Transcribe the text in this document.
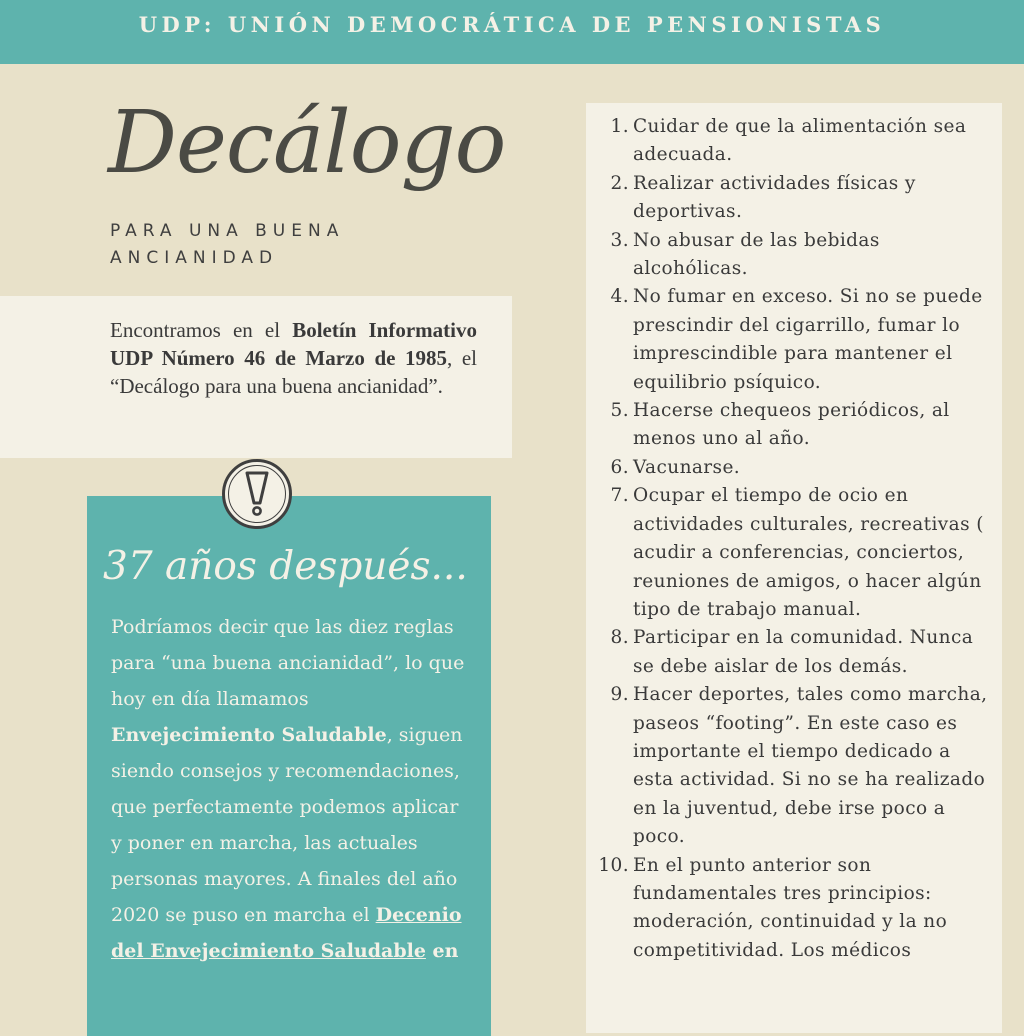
UDP: UNIÓN DEMOCRÁTICA DE PENSIONISTAS
Decálogo
PARA UNA BUENA ANCIANIDAD
Encontramos en el Boletín Informativo UDP Número 46 de Marzo de 1985, el “Decálogo para una buena ancianidad”.
37 años después...
Podríamos decir que las diez reglas para “una buena ancianidad”, lo que hoy en día llamamos Envejecimiento Saludable, siguen siendo consejos y recomendaciones, que perfectamente podemos aplicar y poner en marcha, las actuales personas mayores. A finales del año 2020 se puso en marcha el Decenio del Envejecimiento Saludable en
1. Cuidar de que la alimentación sea adecuada.
2. Realizar actividades físicas y deportivas.
3. No abusar de las bebidas alcohólicas.
4. No fumar en exceso. Si no se puede prescindir del cigarrillo, fumar lo imprescindible para mantener el equilibrio psíquico.
5. Hacerse chequeos periódicos, al menos uno al año.
6. Vacunarse.
7. Ocupar el tiempo de ocio en actividades culturales, recreativas ( acudir a conferencias, conciertos, reuniones de amigos, o hacer algún tipo de trabajo manual.
8. Participar en la comunidad. Nunca se debe aislar de los demás.
9. Hacer deportes, tales como marcha, paseos “footing”. En este caso es importante el tiempo dedicado a esta actividad. Si no se ha realizado en la juventud, debe irse poco a poco.
10. En el punto anterior son fundamentales tres principios: moderación, continuidad y la no competitividad. Los médicos
